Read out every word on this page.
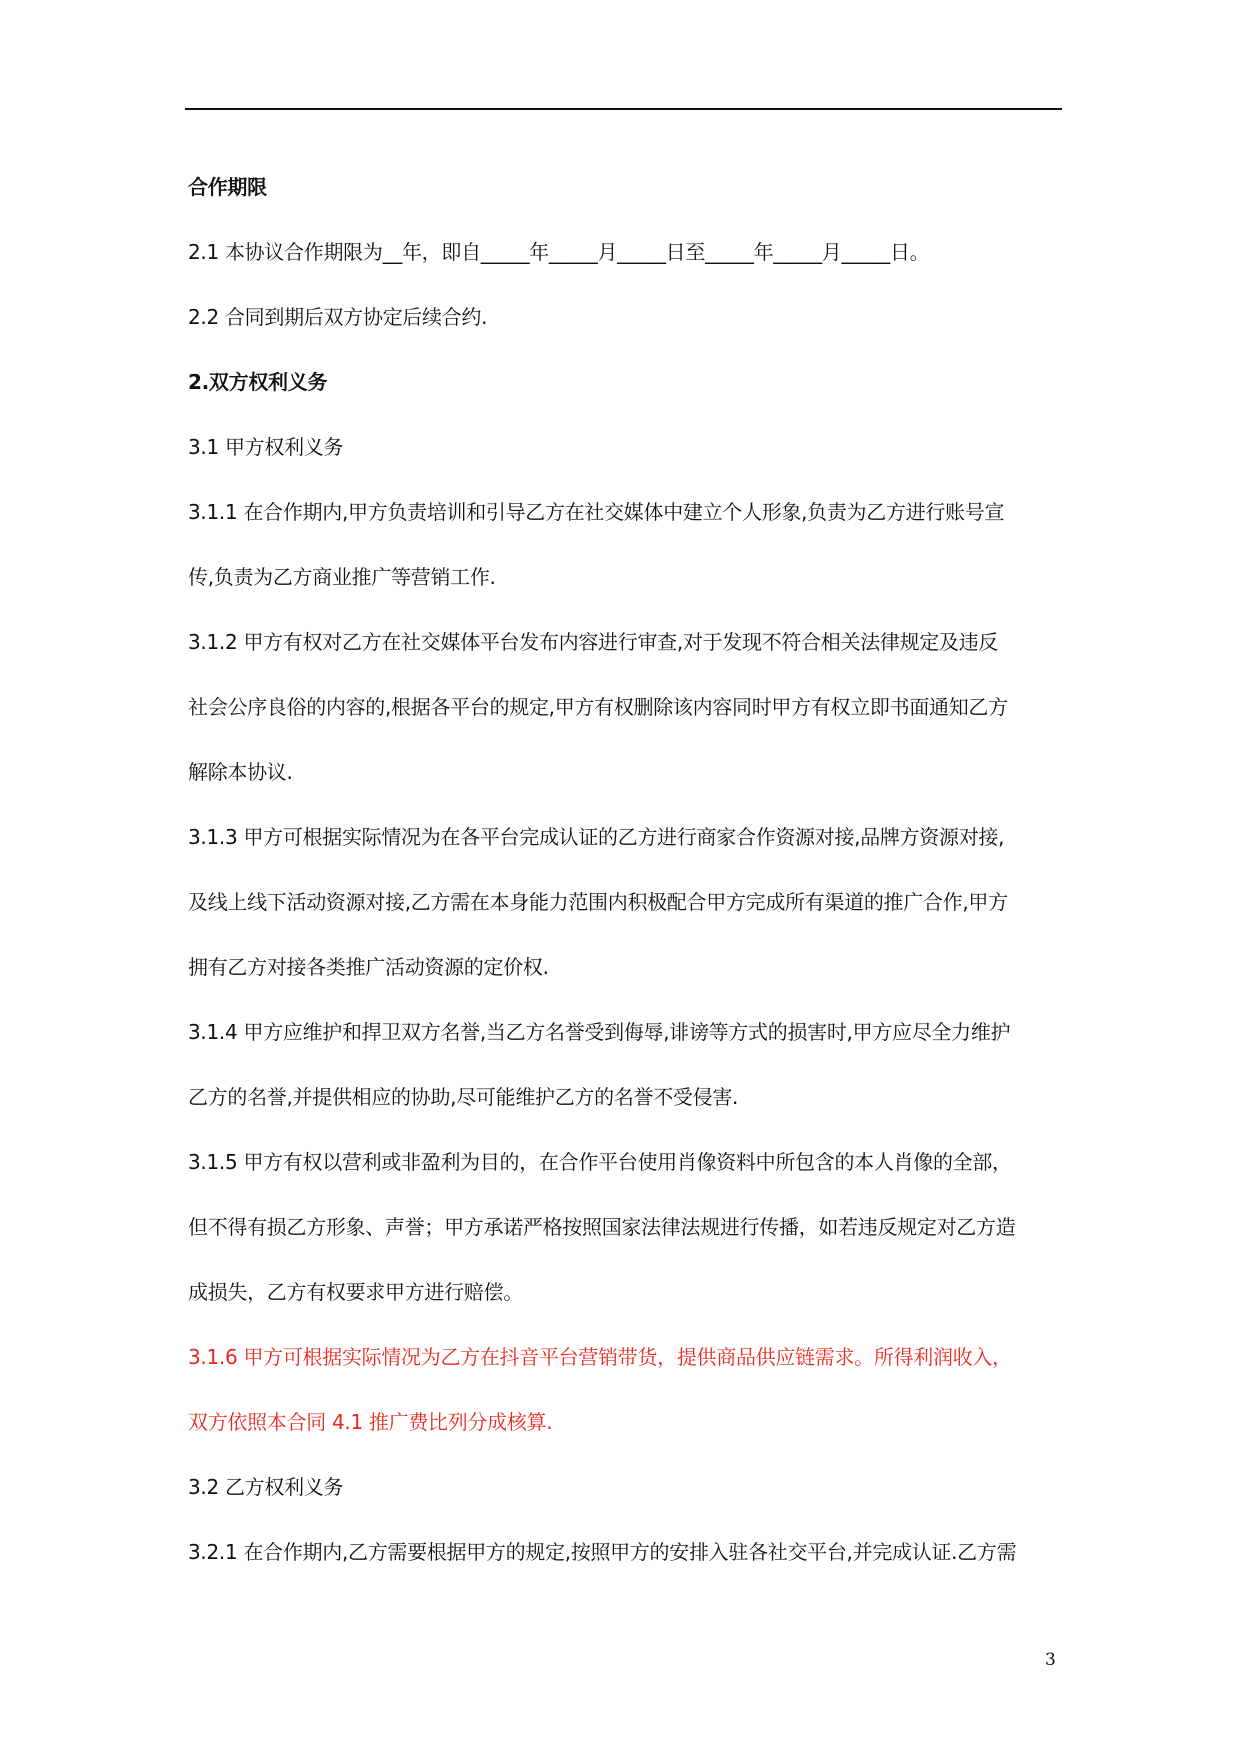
合作期限
2.1 本协议合作期限为__年，即自_____年_____月_____日至_____年_____月_____日。
2.2 合同到期后双方协定后续合约.
2.双方权利义务
3.1 甲方权利义务
3.1.1 在合作期内,甲方负责培训和引导乙方在社交媒体中建立个人形象,负责为乙方进行账号宣
传,负责为乙方商业推广等营销工作.
3.1.2 甲方有权对乙方在社交媒体平台发布内容进行审查,对于发现不符合相关法律规定及违反
社会公序良俗的内容的,根据各平台的规定,甲方有权删除该内容同时甲方有权立即书面通知乙方
解除本协议.
3.1.3 甲方可根据实际情况为在各平台完成认证的乙方进行商家合作资源对接,品牌方资源对接,
及线上线下活动资源对接,乙方需在本身能力范围内积极配合甲方完成所有渠道的推广合作,甲方
拥有乙方对接各类推广活动资源的定价权.
3.1.4 甲方应维护和捍卫双方名誉,当乙方名誉受到侮辱,诽谤等方式的损害时,甲方应尽全力维护
乙方的名誉,并提供相应的协助,尽可能维护乙方的名誉不受侵害.
3.1.5 甲方有权以营利或非盈利为目的，在合作平台使用肖像资料中所包含的本人肖像的全部，
但不得有损乙方形象、声誉；甲方承诺严格按照国家法律法规进行传播，如若违反规定对乙方造
成损失，乙方有权要求甲方进行赔偿。
3.1.6 甲方可根据实际情况为乙方在抖音平台营销带货，提供商品供应链需求。所得利润收入，
双方依照本合同 4.1 推广费比列分成核算.
3.2 乙方权利义务
3.2.1 在合作期内,乙方需要根据甲方的规定,按照甲方的安排入驻各社交平台,并完成认证.乙方需
3
